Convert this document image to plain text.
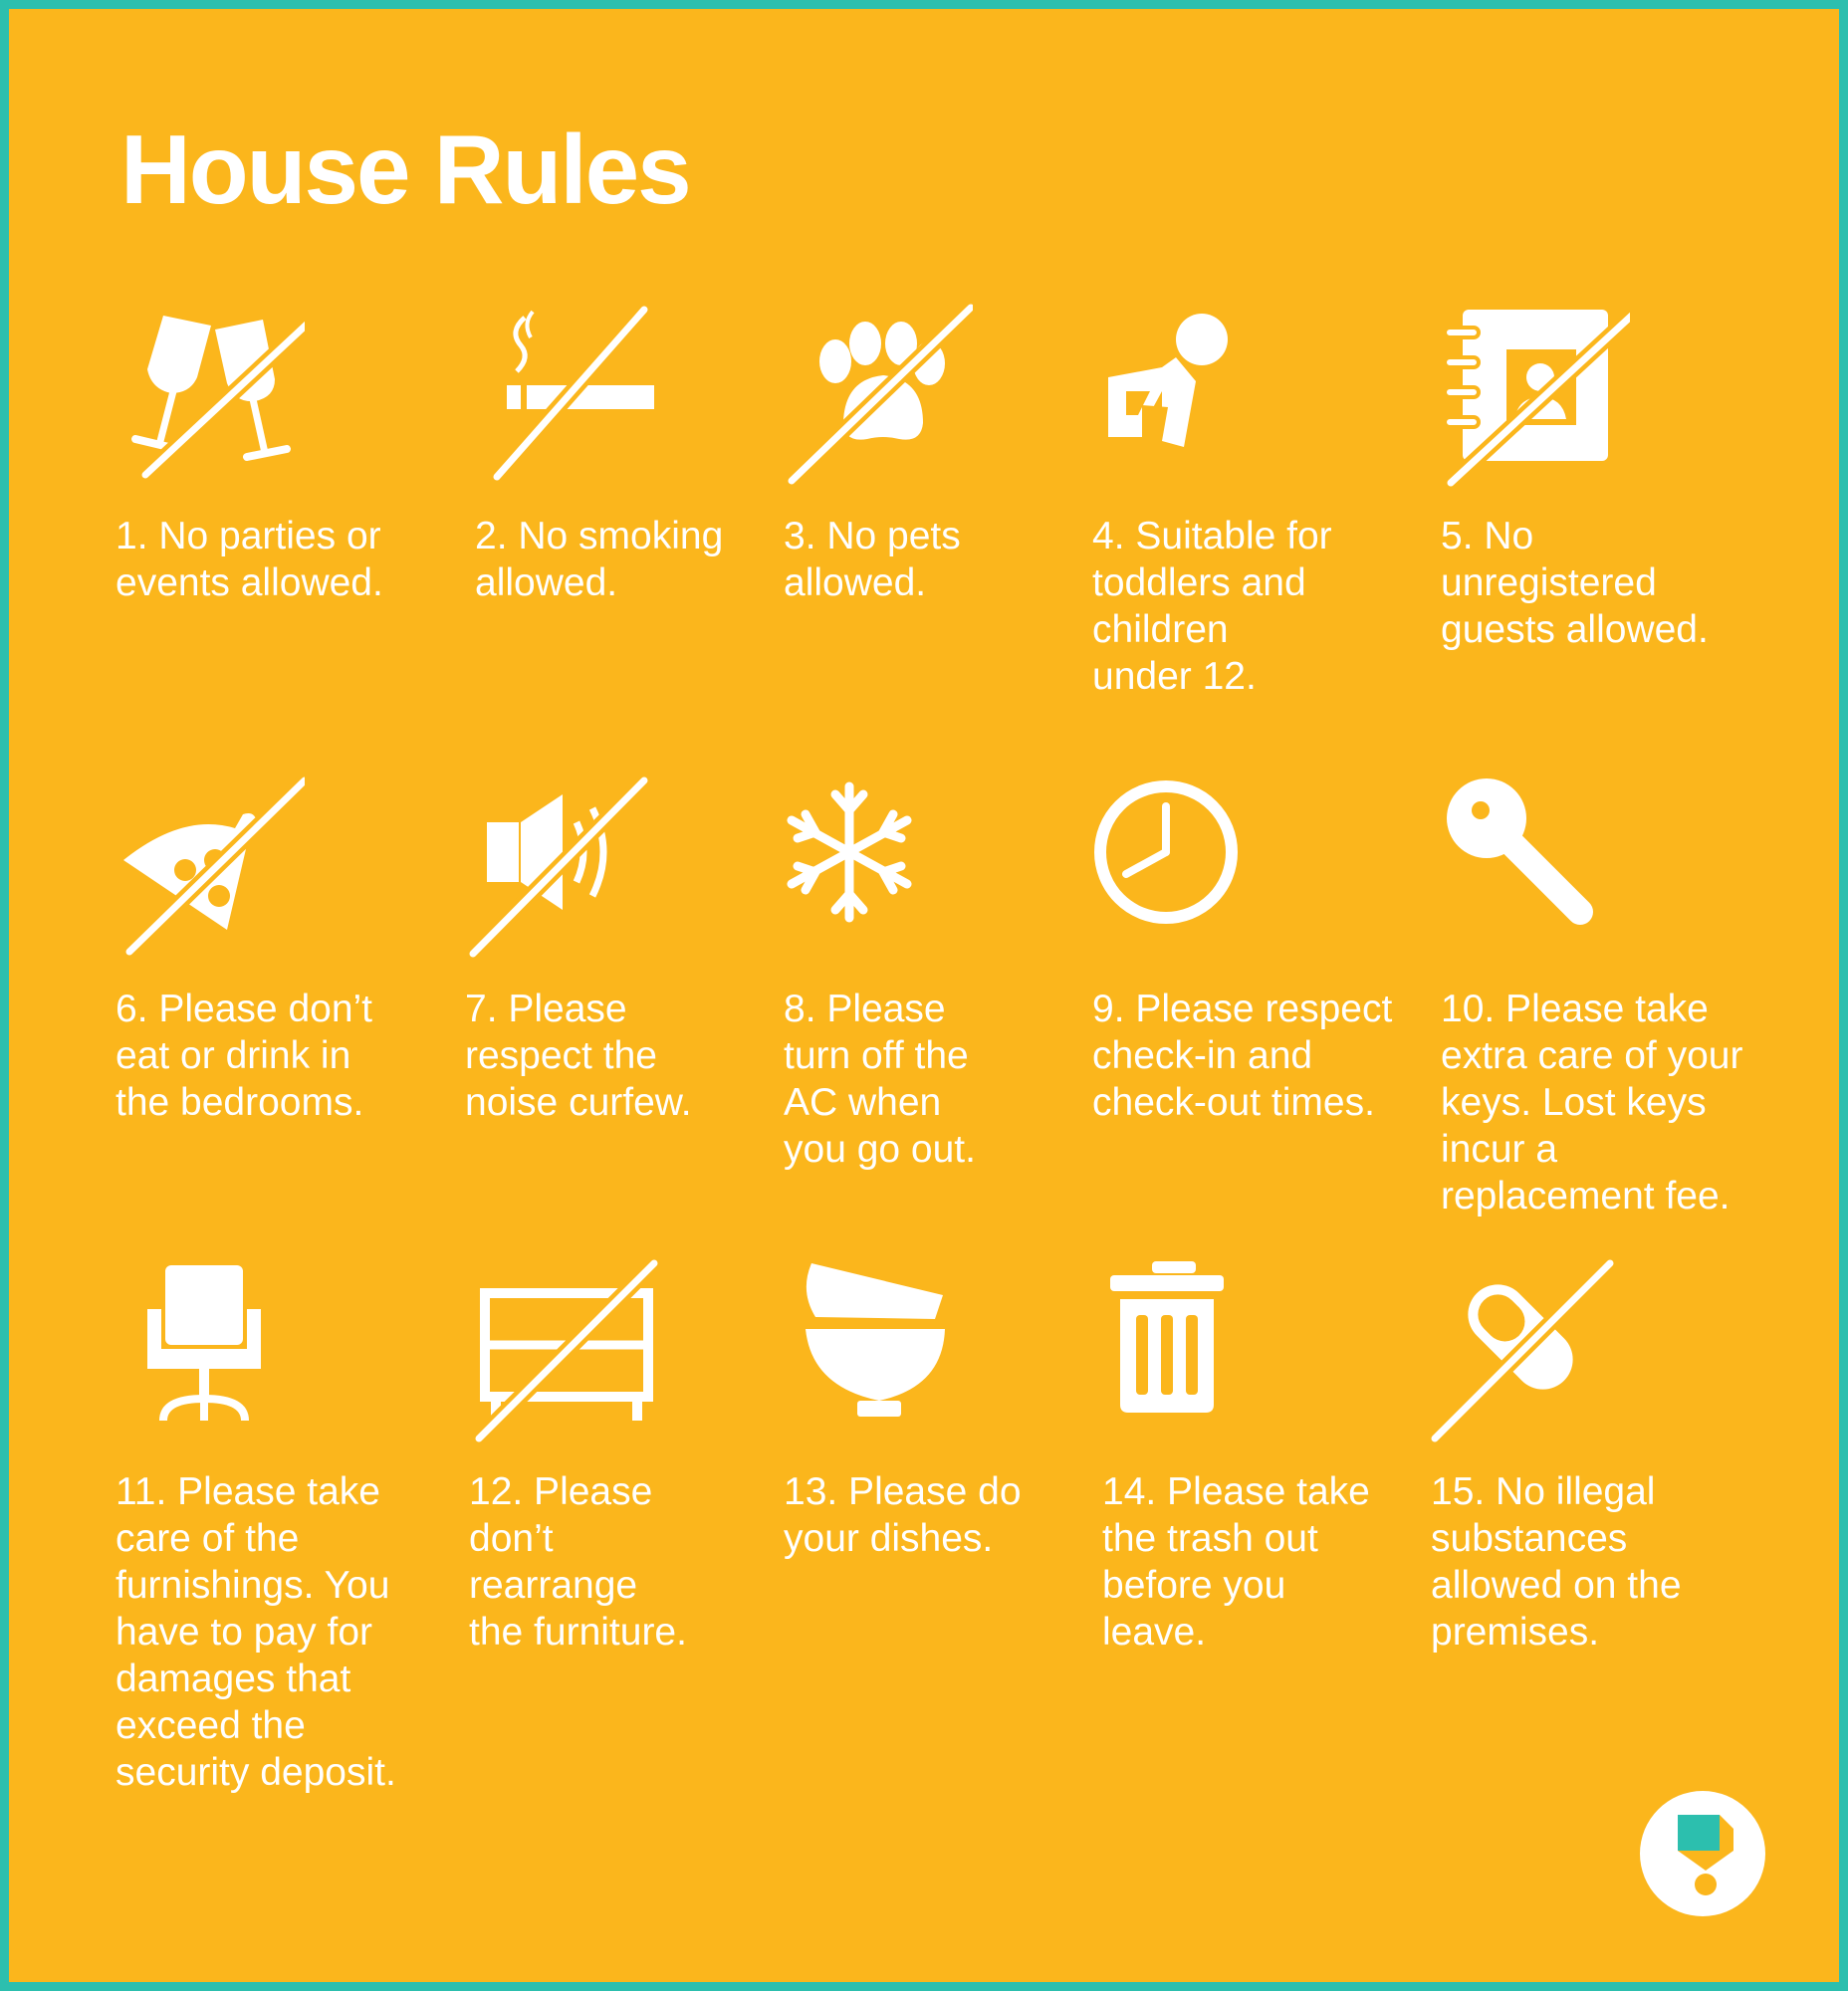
House Rules
1. No parties or
events allowed.
2. No smoking
allowed.
3. No pets
allowed.
4. Suitable for
toddlers and
children
under 12.
5. No
unregistered
guests allowed.
6. Please don’t
eat or drink in
the bedrooms.
7. Please
respect the
noise curfew.
8. Please
turn off the
AC when
you go out.
9. Please respect
check-in and
check-out times.
10. Please take
extra care of your
keys. Lost keys
incur a
replacement fee.
11. Please take
care of the
furnishings. You
have to pay for
damages that
exceed the
security deposit.
12. Please
don’t
rearrange
the furniture.
13. Please do
your dishes.
14. Please take
the trash out
before you
leave.
15. No illegal
substances
allowed on the
premises.
